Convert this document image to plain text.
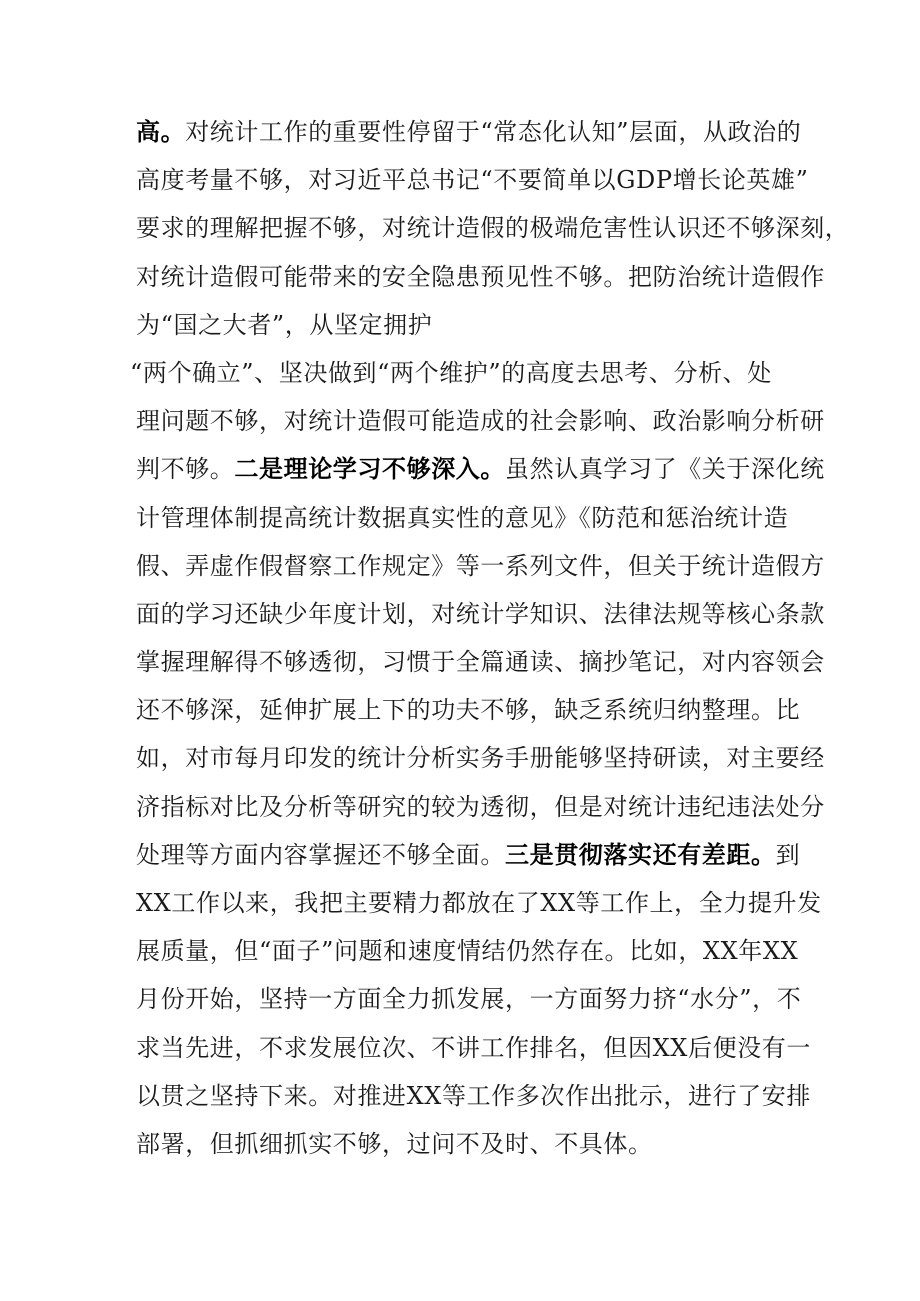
高。对统计工作的重要性停留于“常态化认知”层面，从政治的
高度考量不够，对习近平总书记“不要简单以GDP增长论英雄”
要求的理解把握不够，对统计造假的极端危害性认识还不够深刻，
对统计造假可能带来的安全隐患预见性不够。把防治统计造假作
为“国之大者”，从坚定拥护
“两个确立”、坚决做到“两个维护”的高度去思考、分析、处
理问题不够，对统计造假可能造成的社会影响、政治影响分析研
判不够。二是理论学习不够深入。虽然认真学习了《关于深化统
计管理体制提高统计数据真实性的意见》《防范和惩治统计造
假、弄虚作假督察工作规定》等一系列文件，但关于统计造假方
面的学习还缺少年度计划，对统计学知识、法律法规等核心条款
掌握理解得不够透彻，习惯于全篇通读、摘抄笔记，对内容领会
还不够深，延伸扩展上下的功夫不够，缺乏系统归纳整理。比
如，对市每月印发的统计分析实务手册能够坚持研读，对主要经
济指标对比及分析等研究的较为透彻，但是对统计违纪违法处分
处理等方面内容掌握还不够全面。三是贯彻落实还有差距。到
XX工作以来，我把主要精力都放在了XX等工作上，全力提升发
展质量，但“面子”问题和速度情结仍然存在。比如，XX年XX
月份开始，坚持一方面全力抓发展，一方面努力挤“水分”，不
求当先进，不求发展位次、不讲工作排名，但因XX后便没有一
以贯之坚持下来。对推进XX等工作多次作出批示，进行了安排
部署，但抓细抓实不够，过问不及时、不具体。
